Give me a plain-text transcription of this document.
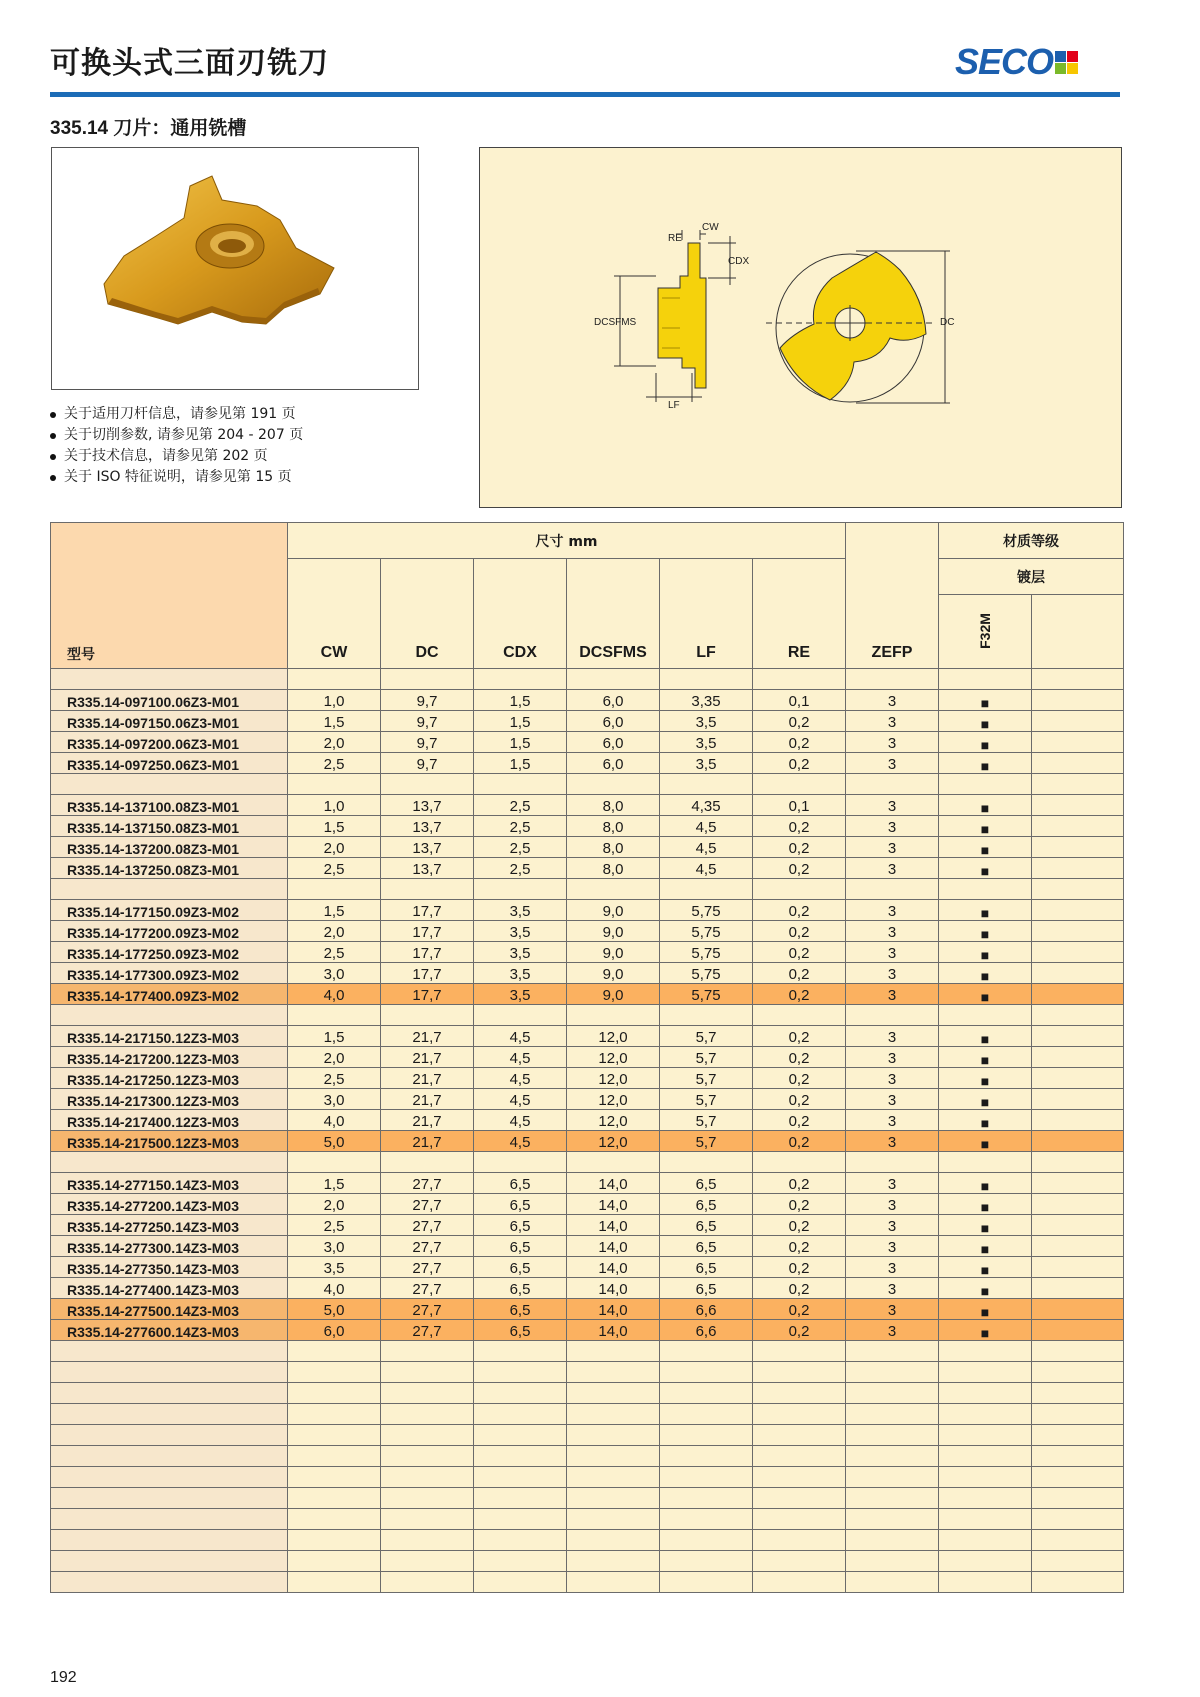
可换头式三面刃铣刀	SECO
335.14 刀片：通用铣槽
关于适用刀杆信息，请参见第 191 页
关于切削参数, 请参见第 204 - 207 页
关于技术信息，请参见第 202 页
关于 ISO 特征说明，请参见第 15 页
CW
RE
CDX
DCSFMS
LF
DC
型号	尺寸 mm						ZEFP	材质等级	
	CW	DC	CDX	DCSFMS	LF	RE		镀层	
								F32M	

R335.14-097100.06Z3-M01	1,0	9,7	1,5	6,0	3,35	0,1	3	■	
R335.14-097150.06Z3-M01	1,5	9,7	1,5	6,0	3,5	0,2	3	■	
R335.14-097200.06Z3-M01	2,0	9,7	1,5	6,0	3,5	0,2	3	■	
R335.14-097250.06Z3-M01	2,5	9,7	1,5	6,0	3,5	0,2	3	■	

R335.14-137100.08Z3-M01	1,0	13,7	2,5	8,0	4,35	0,1	3	■	
R335.14-137150.08Z3-M01	1,5	13,7	2,5	8,0	4,5	0,2	3	■	
R335.14-137200.08Z3-M01	2,0	13,7	2,5	8,0	4,5	0,2	3	■	
R335.14-137250.08Z3-M01	2,5	13,7	2,5	8,0	4,5	0,2	3	■	

R335.14-177150.09Z3-M02	1,5	17,7	3,5	9,0	5,75	0,2	3	■	
R335.14-177200.09Z3-M02	2,0	17,7	3,5	9,0	5,75	0,2	3	■	
R335.14-177250.09Z3-M02	2,5	17,7	3,5	9,0	5,75	0,2	3	■	
R335.14-177300.09Z3-M02	3,0	17,7	3,5	9,0	5,75	0,2	3	■	
R335.14-177400.09Z3-M02	4,0	17,7	3,5	9,0	5,75	0,2	3	■	

R335.14-217150.12Z3-M03	1,5	21,7	4,5	12,0	5,7	0,2	3	■	
R335.14-217200.12Z3-M03	2,0	21,7	4,5	12,0	5,7	0,2	3	■	
R335.14-217250.12Z3-M03	2,5	21,7	4,5	12,0	5,7	0,2	3	■	
R335.14-217300.12Z3-M03	3,0	21,7	4,5	12,0	5,7	0,2	3	■	
R335.14-217400.12Z3-M03	4,0	21,7	4,5	12,0	5,7	0,2	3	■	
R335.14-217500.12Z3-M03	5,0	21,7	4,5	12,0	5,7	0,2	3	■	

R335.14-277150.14Z3-M03	1,5	27,7	6,5	14,0	6,5	0,2	3	■	
R335.14-277200.14Z3-M03	2,0	27,7	6,5	14,0	6,5	0,2	3	■	
R335.14-277250.14Z3-M03	2,5	27,7	6,5	14,0	6,5	0,2	3	■	
R335.14-277300.14Z3-M03	3,0	27,7	6,5	14,0	6,5	0,2	3	■	
R335.14-277350.14Z3-M03	3,5	27,7	6,5	14,0	6,5	0,2	3	■	
R335.14-277400.14Z3-M03	4,0	27,7	6,5	14,0	6,5	0,2	3	■	
R335.14-277500.14Z3-M03	5,0	27,7	6,5	14,0	6,6	0,2	3	■	
R335.14-277600.14Z3-M03	6,0	27,7	6,5	14,0	6,6	0,2	3	■	

192
